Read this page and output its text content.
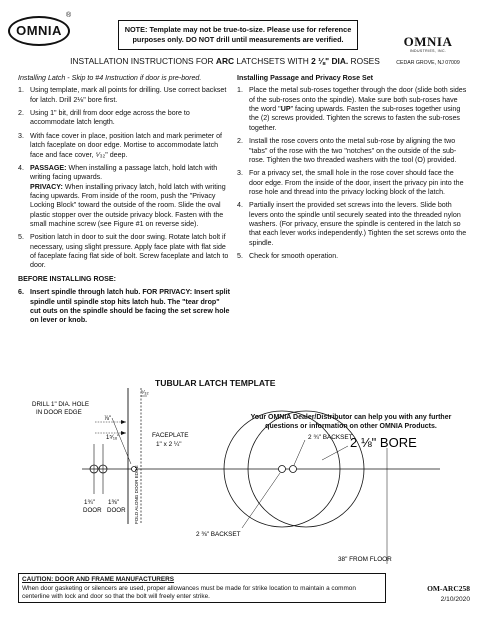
OMNIA
®
NOTE: Template may not be true-to-size. Please use for reference purposes only. DO NOT drill until measurements are verified.	OMNIA
INDUSTRIES, INC.
CEDAR GROVE, NJ 07009
INSTALLATION INSTRUCTIONS FOR ARC LATCHSETS WITH 2 ⅛" DIA. ROSES
Installing Latch - Skip to #4 Instruction if door is pre-bored.
1. Using template, mark all points for drilling. Use correct backset for latch. Drill 2⅛" bore first.
2. Using 1" bit, drill from door edge across the bore to accommodate latch length.
3. With face cover in place, position latch and mark perimeter of latch faceplate on door edge. Mortise to accommodate latch face and face cover, ⁵⁄₃₂" deep.
4. PASSAGE: When installing a passage latch, hold latch with writing facing upwards.
PRIVACY: When installing privacy latch, hold latch with writing facing upwards. From inside of the room, push the "Privacy Locking Block" toward the outside of the room. Slide the oval plastic stopper over the outside privacy block. Fasten with the small machine screw (see Figure #1 on reverse side).
5. Position latch in door to suit the door swing. Rotate latch bolt if necessary, using slight pressure. Apply face plate with flat side of faceplate facing flat side of bolt. Screw faceplate and latch to door.
BEFORE INSTALLING ROSE:
6. Insert spindle through latch hub. FOR PRIVACY: Insert split spindle until spindle stop hits latch hub. The "tear drop" cut outs on the spindle should be facing the set screw hole on lever or knob.
Installing Passage and Privacy Rose Set
1. Place the metal sub-roses together through the door (slide both sides of the sub-roses onto the spindle). Make sure both sub-roses have the word "UP" facing upwards. Fasten the sub-roses together using the (2) screws provided. Tighten the screws to fasten the sub-roses together.
2. Install the rose covers onto the metal sub-rose by aligning the two "tabs" of the rose with the two "notches" on the outside of the sub-rose. Tighten the two threaded washers with the tool (O) provided.
3. For a privacy set, the small hole in the rose cover should face the door edge. From the inside of the door, insert the privacy pin into the rose hole and thread into the privacy locking block of the latch.
4. Partially insert the provided set screws into the levers. Slide both levers onto the spindle until securely seated into the threaded nylon washers. (For privacy, ensure the spindle is centered in the latch so that each lever works independently.) Tighten the set screws onto the spindle.
5. Check for smooth operation.
Your OMNIA Dealer/Distributor can help you with any further questions or information on other OMNIA Products.
TUBULAR LATCH TEMPLATE
DRILL 1" DIA. HOLE
IN DOOR EDGE
⁵⁄₃₂
⅞"
1⁵⁄₁₆"	FACEPLATE
1" x 2 ¼"
FOLD ALONG DOOR EDGE
1¾"
DOOR
1⅜"
DOOR
2 ¾" BACKSET
2 ⅜" BACKSET
2 ⅛" BORE
38" FROM FLOOR
CAUTION: DOOR AND FRAME MANUFACTURERS
When door gasketing or silencers are used, proper allowances must be made for strike location to maintain a common centerline with lock and door so that the bolt will freely enter strike.
OM-ARC258
2/10/2020
